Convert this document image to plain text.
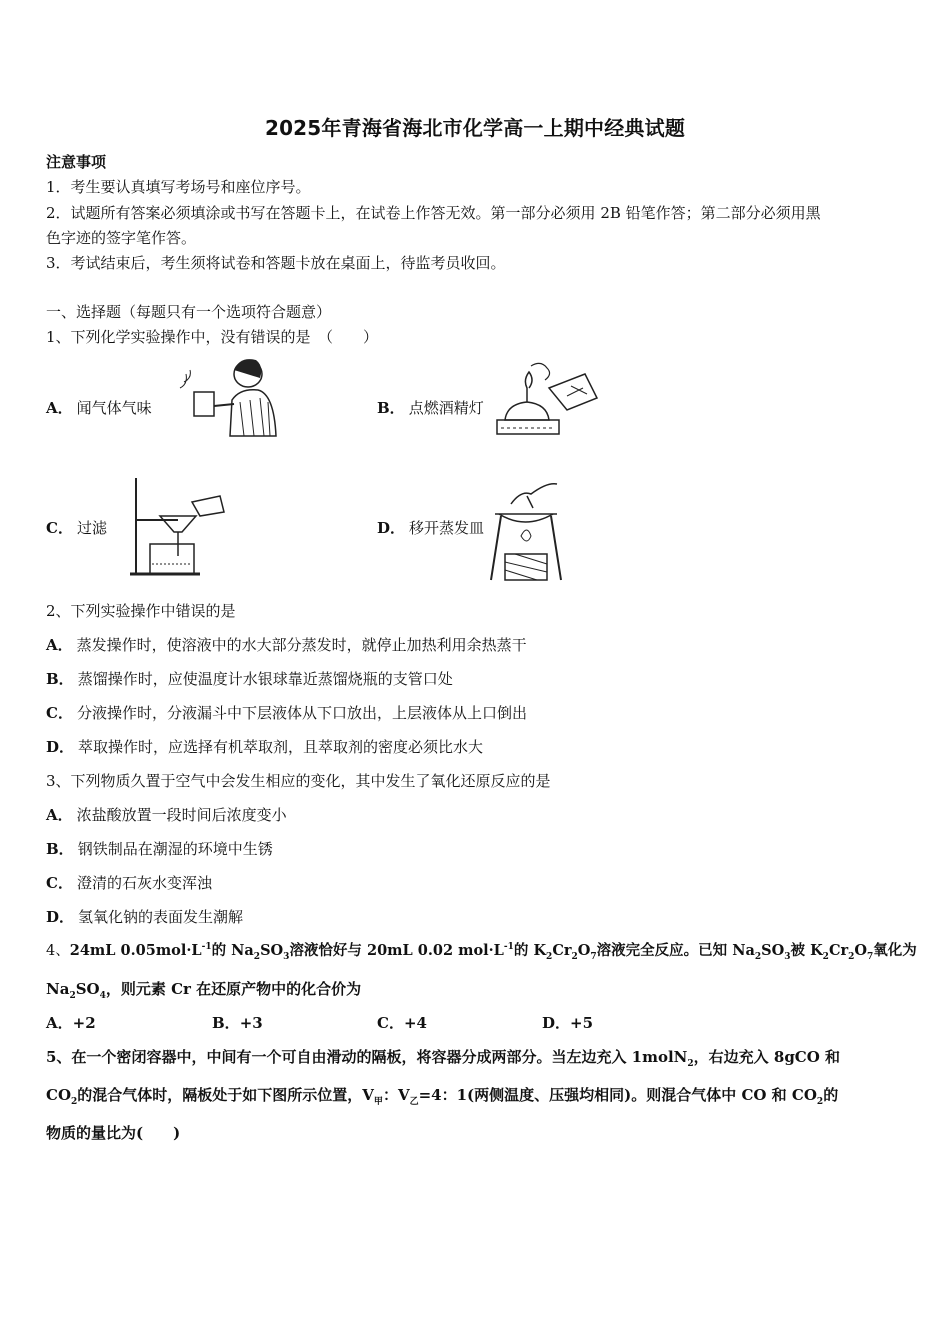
2025年青海省海北市化学高一上期中经典试题
注意事项
1．考生要认真填写考场号和座位序号。
2．试题所有答案必须填涂或书写在答题卡上，在试卷上作答无效。第一部分必须用 2B 铅笔作答；第二部分必须用黑
色字迹的签字笔作答。
3．考试结束后，考生须将试卷和答题卡放在桌面上，待监考员收回。
一、选择题（每题只有一个选项符合题意）
1、下列化学实验操作中，没有错误的是　（　　）
A． 闻气体气味	B． 点燃酒精灯
C． 过滤	D． 移开蒸发皿
2、下列实验操作中错误的是
A． 蒸发操作时，使溶液中的水大部分蒸发时，就停止加热利用余热蒸干
B． 蒸馏操作时，应使温度计水银球靠近蒸馏烧瓶的支管口处
C． 分液操作时，分液漏斗中下层液体从下口放出，上层液体从上口倒出
D． 萃取操作时，应选择有机萃取剂，且萃取剂的密度必须比水大
3、下列物质久置于空气中会发生相应的变化，其中发生了氧化还原反应的是
A． 浓盐酸放置一段时间后浓度变小
B． 钢铁制品在潮湿的环境中生锈
C． 澄清的石灰水变浑浊
D． 氢氧化钠的表面发生潮解
4、24mL $0.05mol\cdot L^{-1}$的 $Na_2SO_3$溶液恰好与 20mL 0.02 $mol\cdot L^{-1}$的 $K_2Cr_2O_7$溶液完全反应。已知 $Na_2SO_3$被 $K_2Cr_2O_7$氧化为
$Na_2SO_4$，则元素 Cr 在还原产物中的化合价为
A．+2	B．+3	C．+4	D．+5
5、在一个密闭容器中，中间有一个可自由滑动的隔板，将容器分成两部分。当左边充入 1molN$_2$，右边充入 8gCO 和
$CO_2$的混合气体时，隔板处于如下图所示位置，$V_甲$：$V_乙=4$：1(两侧温度、压强均相同)。则混合气体中 CO 和 $CO_2$的
物质的量比为(　　)
